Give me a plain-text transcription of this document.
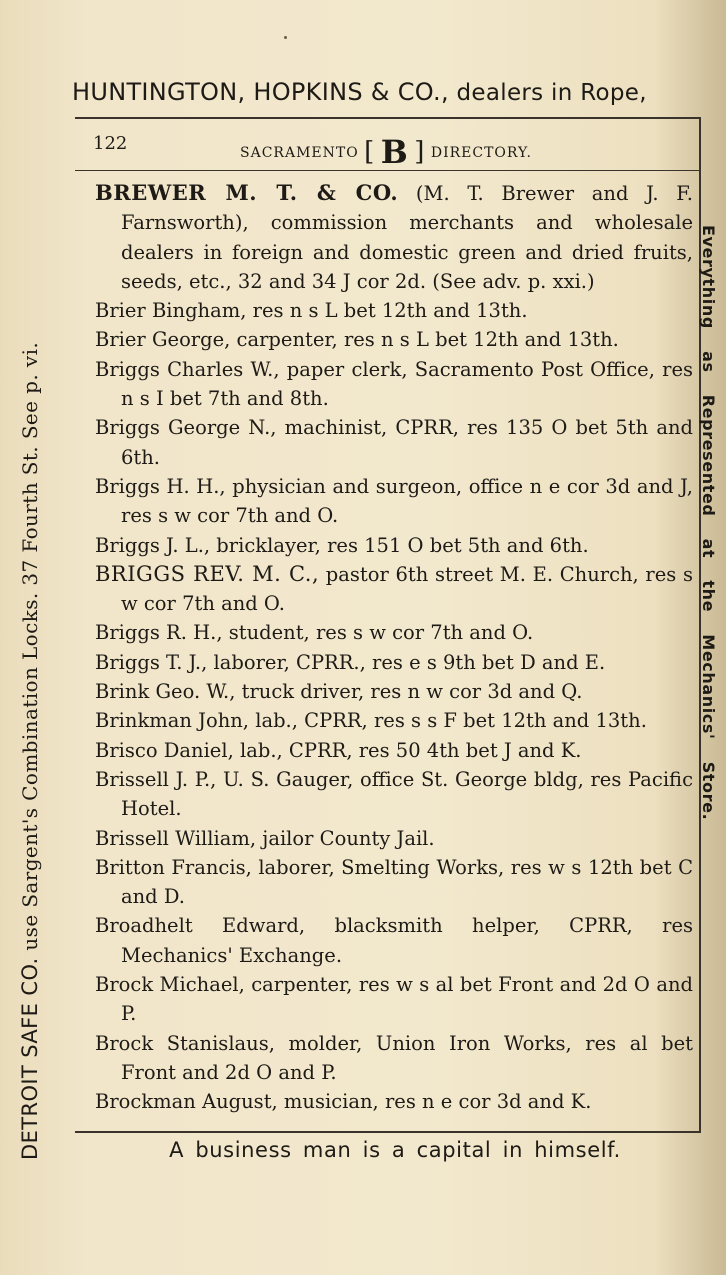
HUNTINGTON, HOPKINS & CO., dealers in Rope,
122	SACRAMENTO [ B ] DIRECTORY.

BREWER M. T. & CO. (M. T. Brewer and J. F. Farnsworth), commission merchants and wholesale dealers in foreign and domestic green and dried fruits, seeds, etc., 32 and 34 J cor 2d. (See adv. p. xxi.)

Brier Bingham, res n s L bet 12th and 13th.

Brier George, carpenter, res n s L bet 12th and 13th.

Briggs Charles W., paper clerk, Sacramento Post Office, res n s I bet 7th and 8th.

Briggs George N., machinist, CPRR, res 135 O bet 5th and 6th.

Briggs H. H., physician and surgeon, office n e cor 3d and J, res s w cor 7th and O.

Briggs J. L., bricklayer, res 151 O bet 5th and 6th.

BRIGGS REV. M. C., pastor 6th street M. E. Church, res s w cor 7th and O.

Briggs R. H., student, res s w cor 7th and O.

Briggs T. J., laborer, CPRR., res e s 9th bet D and E.

Brink Geo. W., truck driver, res n w cor 3d and Q.

Brinkman John, lab., CPRR, res s s F bet 12th and 13th.

Brisco Daniel, lab., CPRR, res 50 4th bet J and K.

Brissell J. P., U. S. Gauger, office St. George bldg, res Pacific Hotel.

Brissell William, jailor County Jail.

Britton Francis, laborer, Smelting Works, res w s 12th bet C and D.

Broadhelt Edward, blacksmith helper, CPRR, res Mechanics' Exchange.

Brock Michael, carpenter, res w s al bet Front and 2d O and P.

Brock Stanislaus, molder, Union Iron Works, res al bet Front and 2d O and P.

Brockman August, musician, res n e cor 3d and K.

DETROIT SAFE CO. use Sargent's Combination Locks. 37 Fourth St. See p. vi.	Everything as Represented at the Mechanics' Store.
A business man is a capital in himself.
